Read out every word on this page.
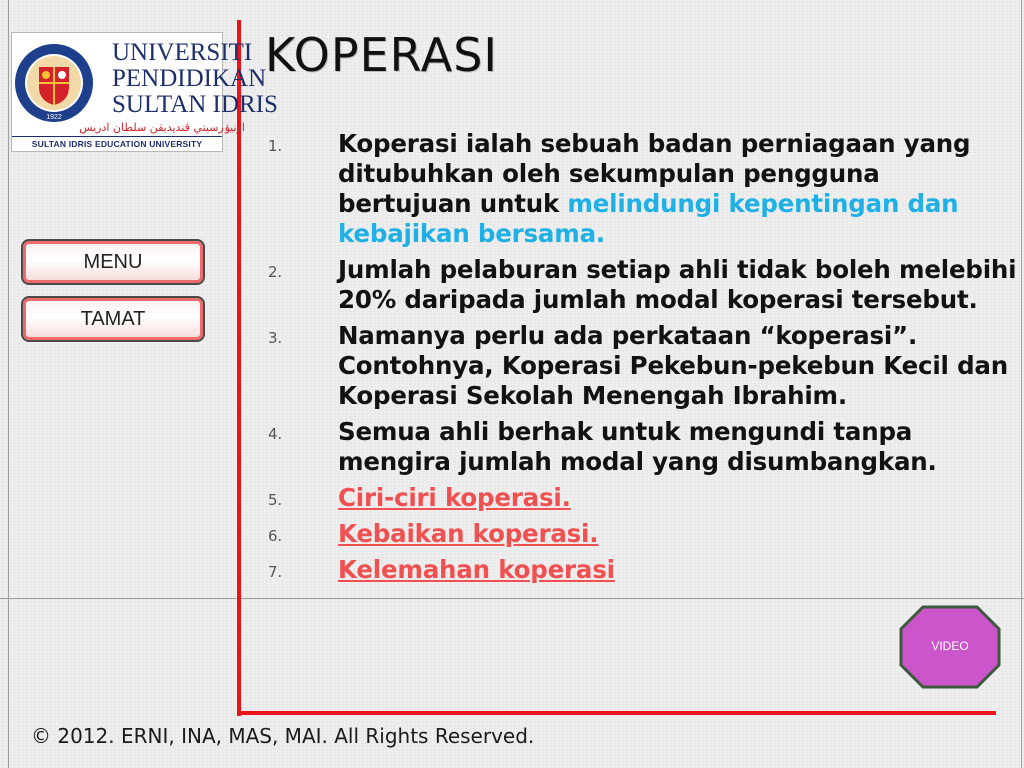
1922
UNIVERSITI
PENDIDIKAN
SULTAN IDRIS
اونيۏرسيتي ڤنديديقن سلطان ادريس
SULTAN IDRIS EDUCATION UNIVERSITY
KOPERASI
MENU
TAMAT
1. Koperasi ialah sebuah badan perniagaan yang ditubuhkan oleh sekumpulan pengguna bertujuan untuk melindungi kepentingan dan kebajikan bersama.
2. Jumlah pelaburan setiap ahli tidak boleh melebihi 20% daripada jumlah modal koperasi tersebut.
3. Namanya perlu ada perkataan “koperasi”. Contohnya, Koperasi Pekebun-pekebun Kecil dan Koperasi Sekolah Menengah Ibrahim.
4. Semua ahli berhak untuk mengundi tanpa mengira jumlah modal yang disumbangkan.
5. Ciri-ciri koperasi.
6. Kebaikan koperasi.
7. Kelemahan koperasi
VIDEO

© 2012. ERNI, INA, MAS, MAI. All Rights Reserved.
